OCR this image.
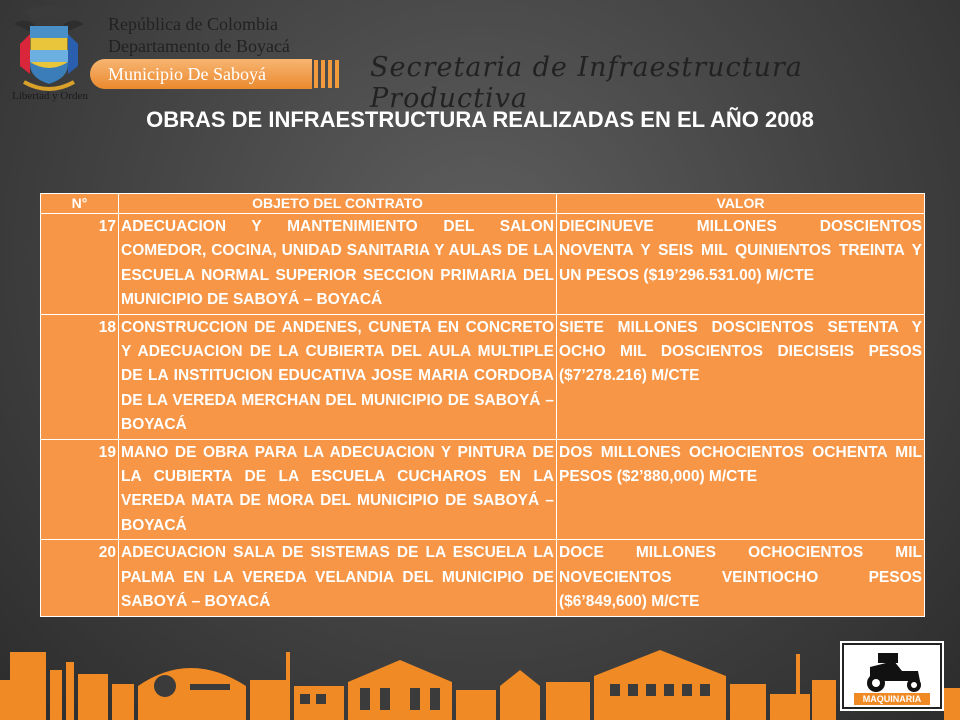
Libertad y Orden
República de Colombia
Departamento de Boyacá
Municipio De Saboyá	Secretaria de Infraestructura Productiva
OBRAS DE INFRAESTRUCTURA REALIZADAS EN EL AÑO 2008
N°	OBJETO DEL CONTRATO	VALOR
17	ADECUACION Y MANTENIMIENTO DEL SALON COMEDOR, COCINA, UNIDAD SANITARIA Y AULAS DE LA ESCUELA NORMAL SUPERIOR SECCION PRIMARIA DEL MUNICIPIO DE SABOYÁ – BOYACÁ	DIECINUEVE MILLONES DOSCIENTOS NOVENTA Y SEIS MIL QUINIENTOS TREINTA Y UN PESOS ($19’296.531.00) M/CTE
18	CONSTRUCCION DE ANDENES, CUNETA EN CONCRETO Y ADECUACION DE LA CUBIERTA DEL AULA MULTIPLE DE LA INSTITUCION EDUCATIVA JOSE MARIA CORDOBA DE LA VEREDA MERCHAN DEL MUNICIPIO DE SABOYÁ – BOYACÁ	SIETE MILLONES DOSCIENTOS SETENTA Y OCHO MIL DOSCIENTOS DIECISEIS PESOS ($7’278.216) M/CTE
19	MANO DE OBRA PARA LA ADECUACION Y PINTURA DE LA CUBIERTA DE LA ESCUELA CUCHAROS EN LA VEREDA MATA DE MORA DEL MUNICIPIO DE SABOYÁ – BOYACÁ	DOS MILLONES OCHOCIENTOS OCHENTA MIL PESOS ($2’880,000) M/CTE
20	ADECUACION SALA DE SISTEMAS DE LA ESCUELA LA PALMA EN LA VEREDA VELANDIA DEL MUNICIPIO DE SABOYÁ – BOYACÁ	DOCE MILLONES OCHOCIENTOS MIL NOVECIENTOS VEINTIOCHO PESOS ($6’849,600) M/CTE
MAQUINARIA
